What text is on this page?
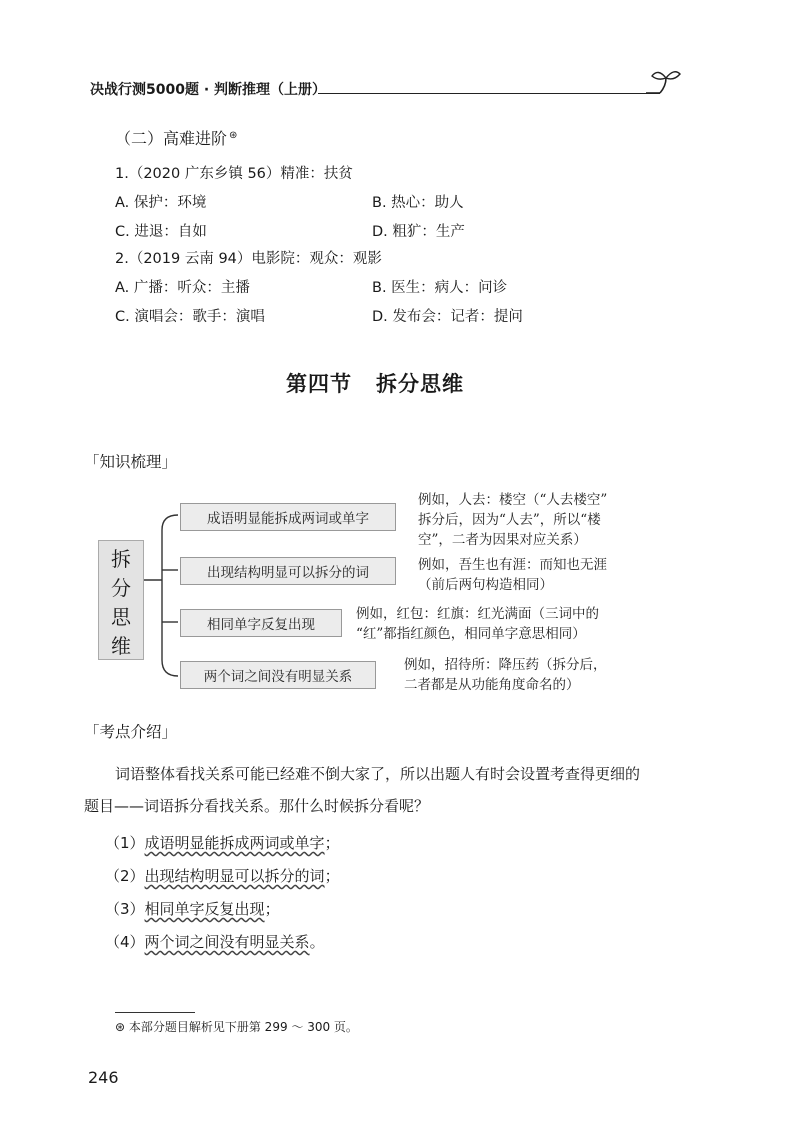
决战行测5000题 · 判断推理（上册）
（二）高难进阶 ⊛
1.（2020 广东乡镇 56）精准：扶贫
A. 保护：环境	B. 热心：助人
C. 进退：自如	D. 粗犷：生产
2.（2019 云南 94）电影院：观众：观影
A. 广播：听众：主播	B. 医生：病人：问诊
C. 演唱会：歌手：演唱	D. 发布会：记者：提问
第四节 拆分思维
「知识梳理」
拆
分
思
维
成语明显能拆成两词或单字
出现结构明显可以拆分的词
相同单字反复出现
两个词之间没有明显关系
例如，人去：楼空（“人去楼空”
拆分后，因为“人去”，所以“楼
空”，二者为因果对应关系）
例如，吾生也有涯：而知也无涯
（前后两句构造相同）
例如，红包：红旗：红光满面（三词中的
“红”都指红颜色，相同单字意思相同）
例如，招待所：降压药（拆分后，
二者都是从功能角度命名的）
「考点介绍」
词语整体看找关系可能已经难不倒大家了，所以出题人有时会设置考查得更细的
题目——词语拆分看找关系。那什么时候拆分看呢？
（1）成语明显能拆成两词或单字；
（2）出现结构明显可以拆分的词；
（3）相同单字反复出现；
（4）两个词之间没有明显关系。
⊛ 本部分题目解析见下册第 299 ～ 300 页。
246
